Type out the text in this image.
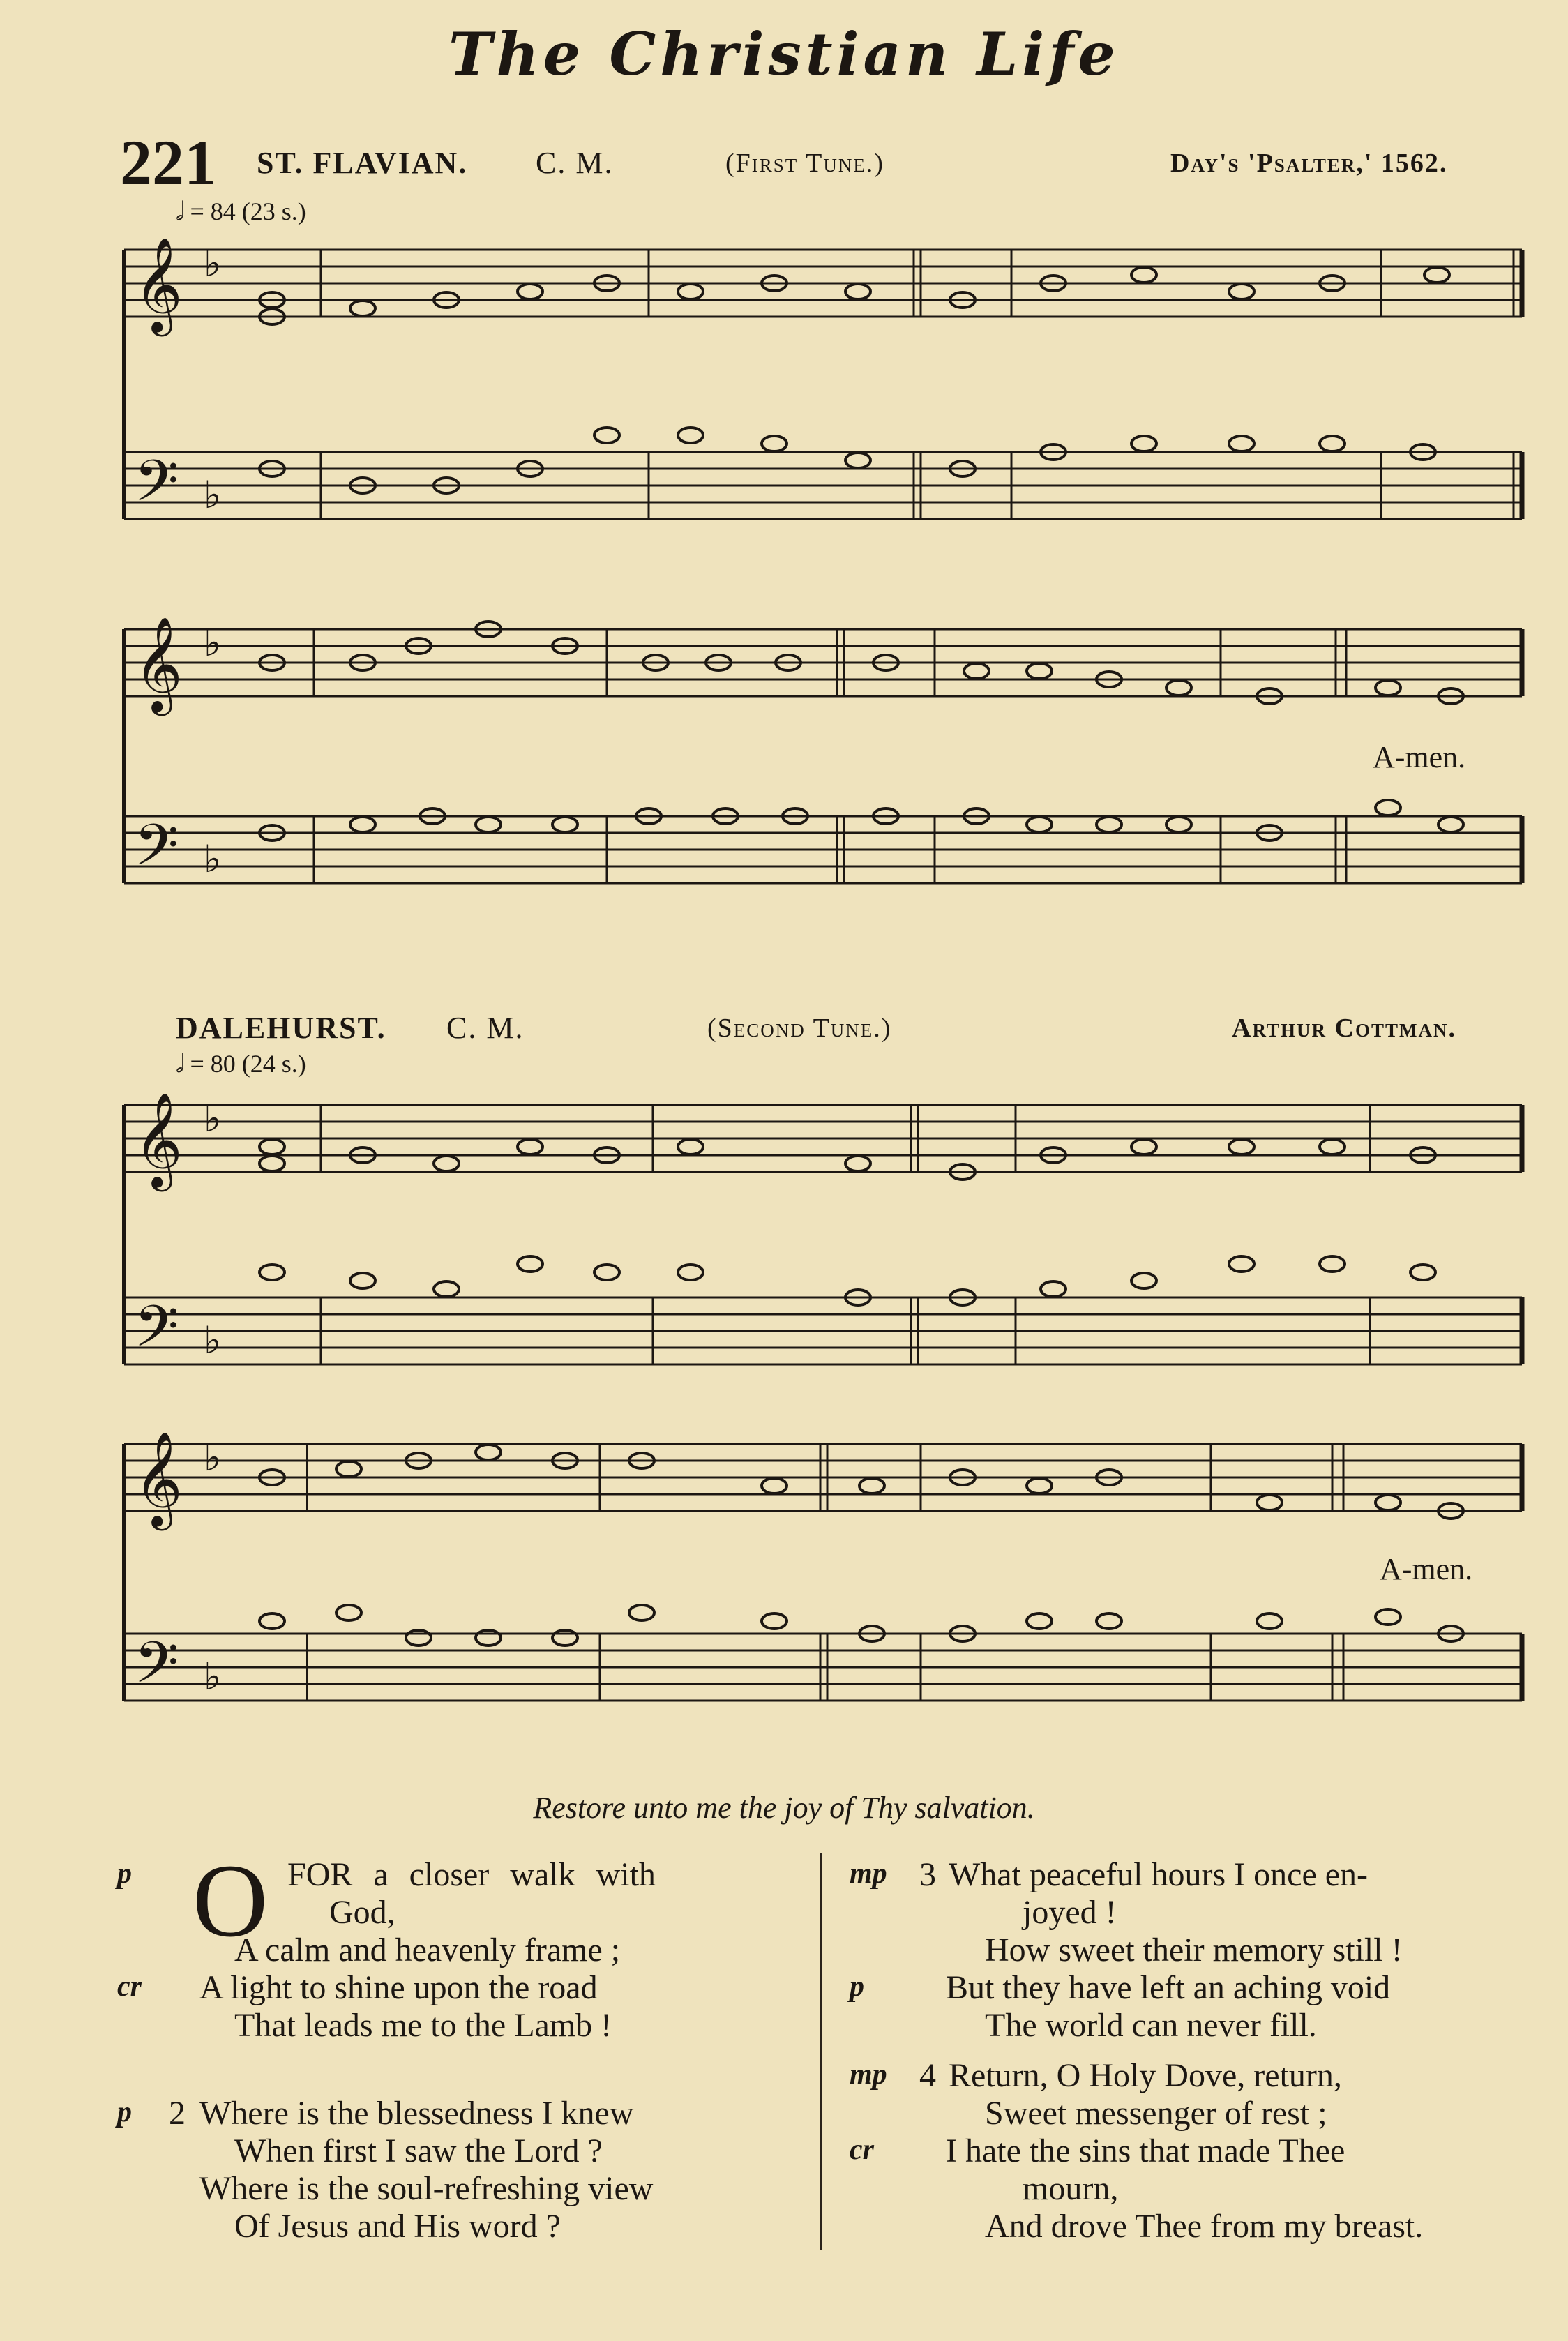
The Christian Life
221 ST. FLAVIAN. C. M.	(First Tune.)	Day's 'Psalter,' 1562.
𝅗𝅥 = 84 (23 s.)
𝄞
𝄢
𝄞
𝄢
♭
♭
♭
♭
A-men.
DALEHURST. C. M.	(Second Tune.)	Arthur Cottman.
𝅗𝅥 = 80 (24 s.)
𝄞
𝄢
𝄞
𝄢
♭
♭
♭
♭
A-men.
Restore unto me the joy of Thy salvation.
p O FOR a closer walk with
God,
A calm and heavenly frame ;
cr A light to shine upon the road
That leads me to the Lamb !
p 2 Where is the blessedness I knew
When first I saw the Lord ?
Where is the soul-refreshing view
Of Jesus and His word ?
mp 3 What peaceful hours I once en-
joyed !
How sweet their memory still !
p But they have left an aching void
The world can never fill.
mp 4 Return, O Holy Dove, return,
Sweet messenger of rest ;
cr I hate the sins that made Thee
mourn,
And drove Thee from my breast.
